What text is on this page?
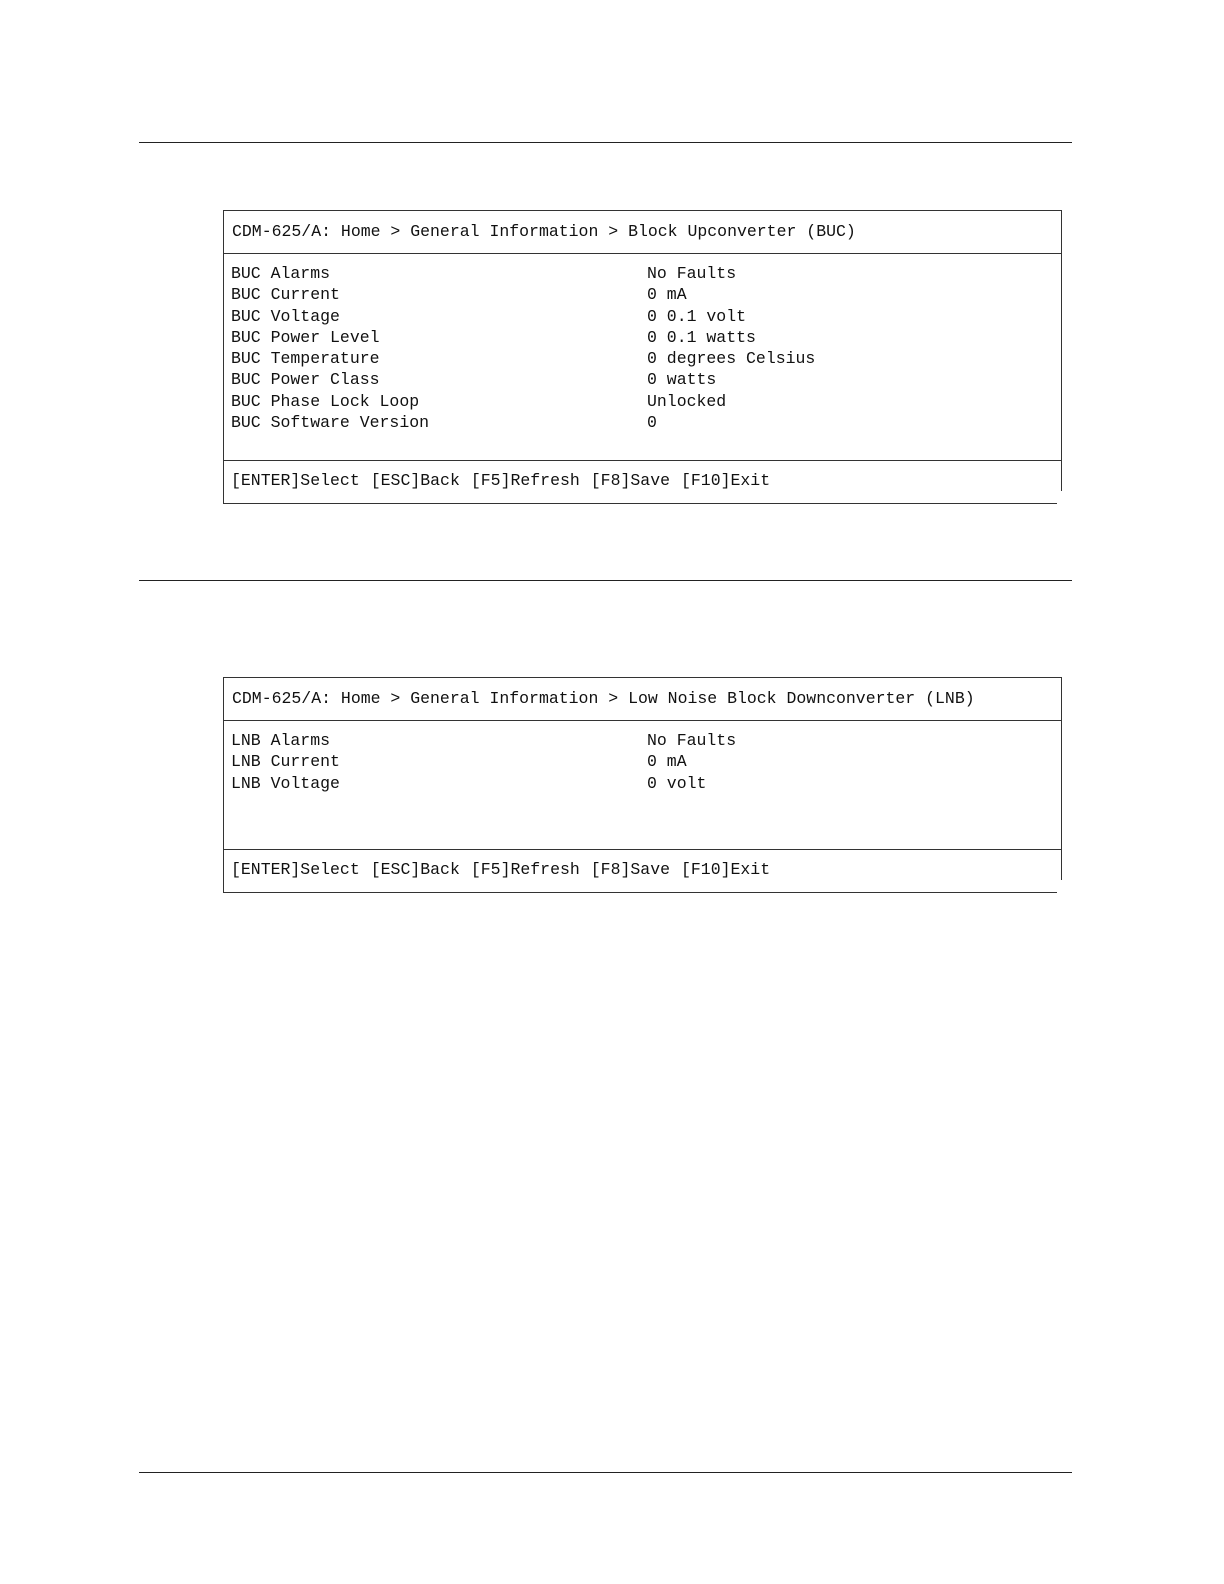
CDM-625/A: Home > General Information > Block Upconverter (BUC)
BUC Alarms	No Faults
BUC Current	0 mA
BUC Voltage	0 0.1 volt
BUC Power Level	0 0.1 watts
BUC Temperature	0 degrees Celsius
BUC Power Class	0 watts
BUC Phase Lock Loop	Unlocked
BUC Software Version	0
[ENTER]Select [ESC]Back [F5]Refresh [F8]Save [F10]Exit
CDM-625/A: Home > General Information > Low Noise Block Downconverter (LNB)
LNB Alarms	No Faults
LNB Current	0 mA
LNB Voltage	0 volt
[ENTER]Select [ESC]Back [F5]Refresh [F8]Save [F10]Exit
